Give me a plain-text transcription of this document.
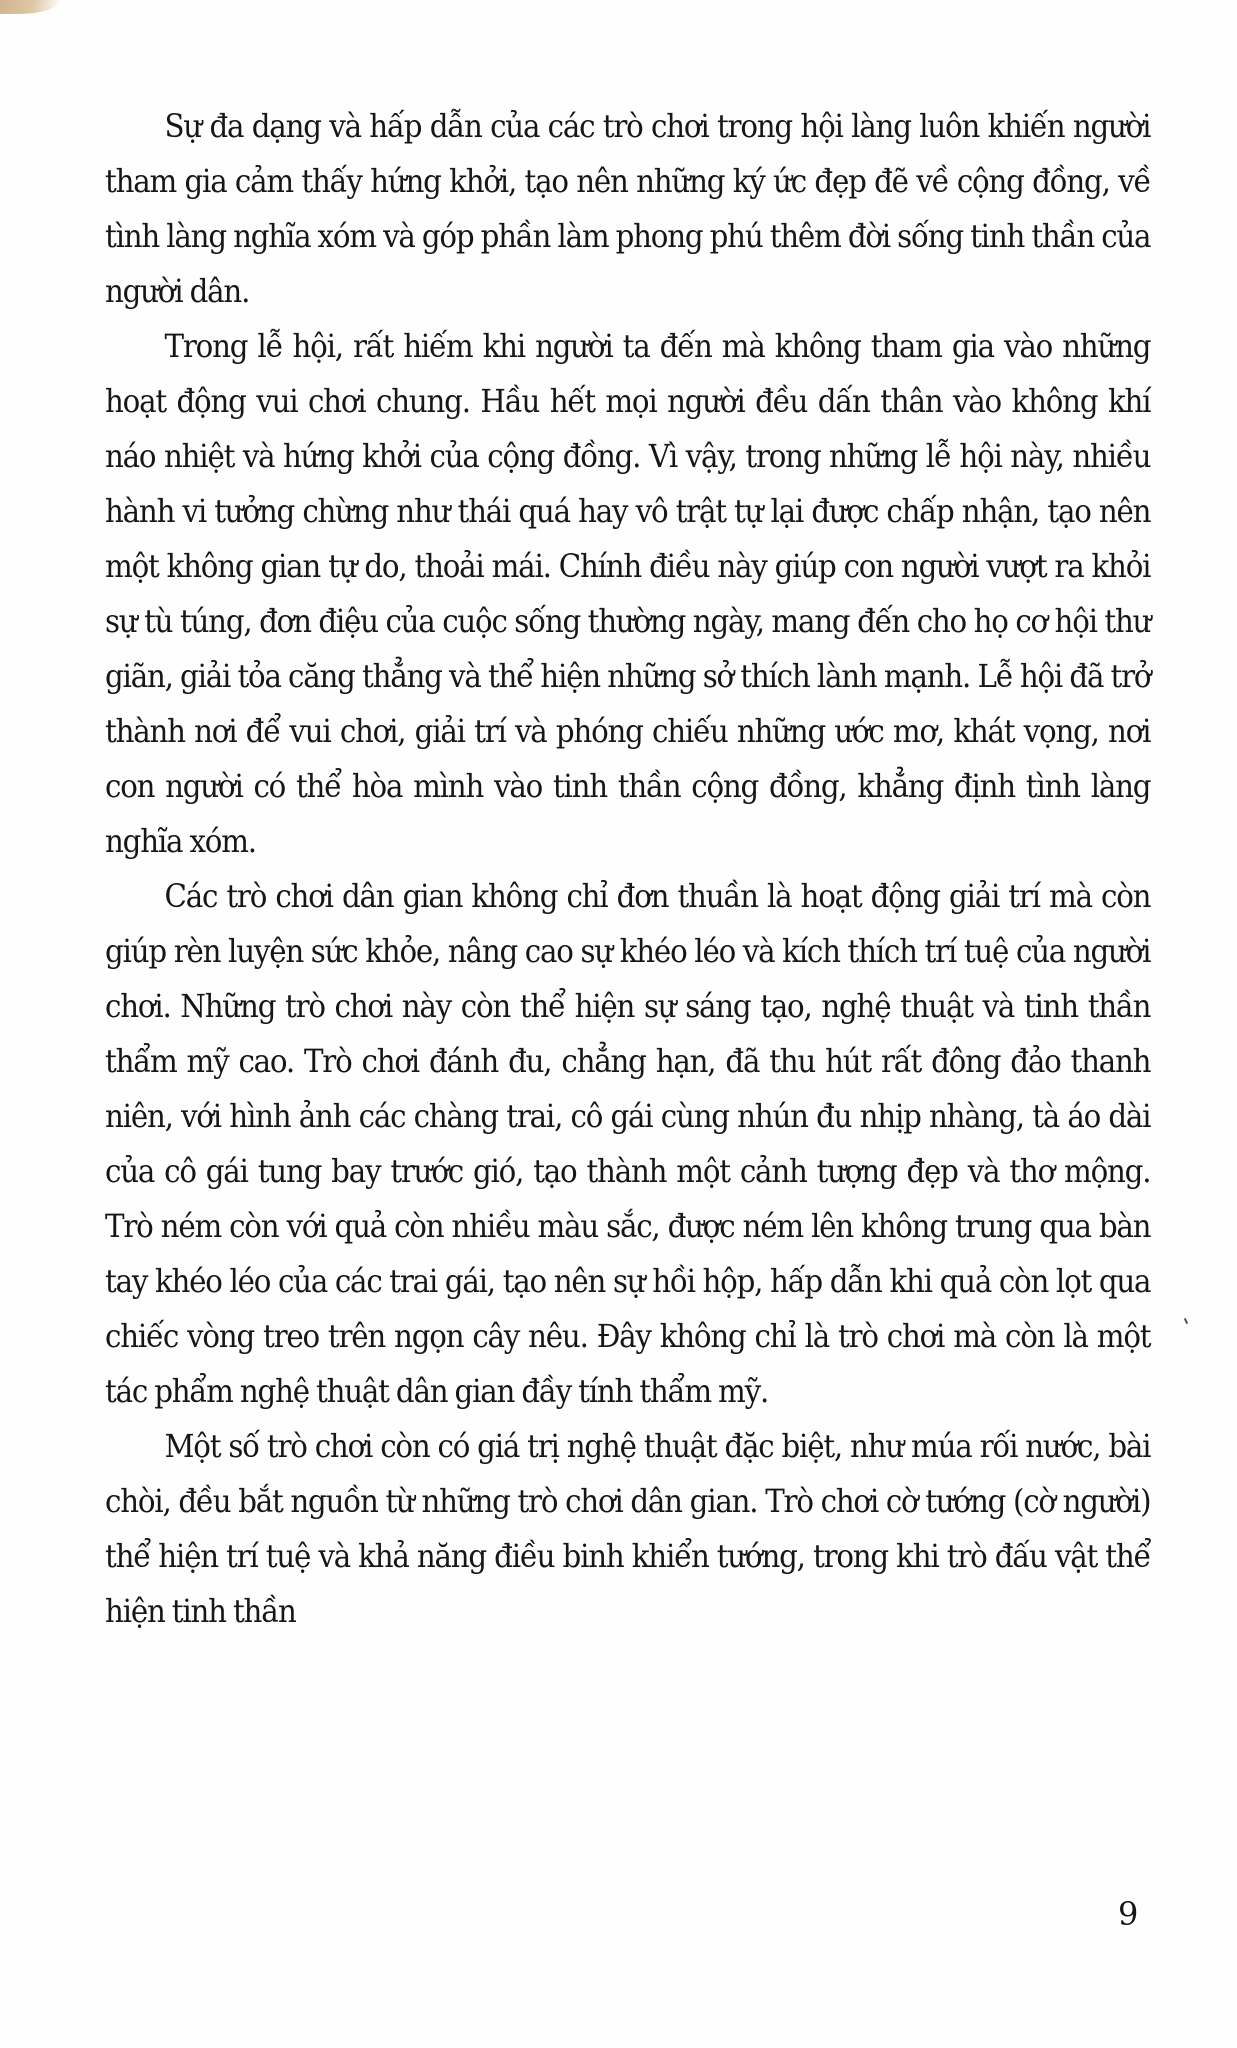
Sự đa dạng và hấp dẫn của các trò chơi trong hội làng luôn khiến người tham gia cảm thấy hứng khởi, tạo nên những ký ức đẹp đẽ về cộng đồng, về tình làng nghĩa xóm và góp phần làm phong phú thêm đời sống tinh thần của người dân.

Trong lễ hội, rất hiếm khi người ta đến mà không tham gia vào những hoạt động vui chơi chung. Hầu hết mọi người đều dấn thân vào không khí náo nhiệt và hứng khởi của cộng đồng. Vì vậy, trong những lễ hội này, nhiều hành vi tưởng chừng như thái quá hay vô trật tự lại được chấp nhận, tạo nên một không gian tự do, thoải mái. Chính điều này giúp con người vượt ra khỏi sự tù túng, đơn điệu của cuộc sống thường ngày, mang đến cho họ cơ hội thư giãn, giải tỏa căng thẳng và thể hiện những sở thích lành mạnh. Lễ hội đã trở thành nơi để vui chơi, giải trí và phóng chiếu những ước mơ, khát vọng, nơi con người có thể hòa mình vào tinh thần cộng đồng, khẳng định tình làng nghĩa xóm.

Các trò chơi dân gian không chỉ đơn thuần là hoạt động giải trí mà còn giúp rèn luyện sức khỏe, nâng cao sự khéo léo và kích thích trí tuệ của người chơi. Những trò chơi này còn thể hiện sự sáng tạo, nghệ thuật và tinh thần thẩm mỹ cao. Trò chơi đánh đu, chẳng hạn, đã thu hút rất đông đảo thanh niên, với hình ảnh các chàng trai, cô gái cùng nhún đu nhịp nhàng, tà áo dài của cô gái tung bay trước gió, tạo thành một cảnh tượng đẹp và thơ mộng. Trò ném còn với quả còn nhiều màu sắc, được ném lên không trung qua bàn tay khéo léo của các trai gái, tạo nên sự hồi hộp, hấp dẫn khi quả còn lọt qua chiếc vòng treo trên ngọn cây nêu. Đây không chỉ là trò chơi mà còn là một tác phẩm nghệ thuật dân gian đầy tính thẩm mỹ.

Một số trò chơi còn có giá trị nghệ thuật đặc biệt, như múa rối nước, bài chòi, đều bắt nguồn từ những trò chơi dân gian. Trò chơi cờ tướng (cờ người) thể hiện trí tuệ và khả năng điều binh khiển tướng, trong khi trò đấu vật thể hiện tinh thần

9
